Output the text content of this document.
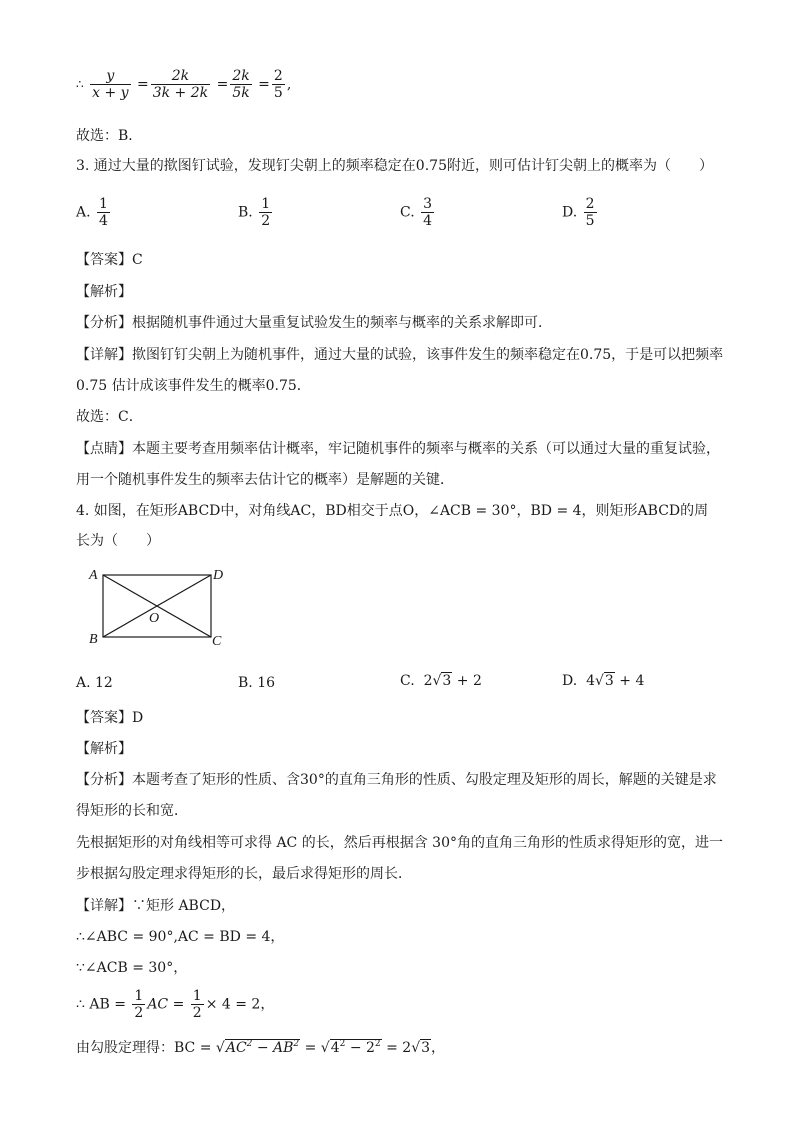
∴ $\frac{y}{x + y} = \frac{2k}{3k + 2k} = \frac{2k}{5k} = \frac{2}{5}$ ,
故选：B．
3. 通过大量的揿图钉试验，发现钉尖朝上的频率稳定在0.75附近，则可估计钉尖朝上的概率为（　　）
A. $\frac{1}{4}$	B. $\frac{1}{2}$	C. $\frac{3}{4}$	D. $\frac{2}{5}$
【答案】C
【解析】
【分析】根据随机事件通过大量重复试验发生的频率与概率的关系求解即可．
【详解】揿图钉钉尖朝上为随机事件，通过大量的试验，该事件发生的频率稳定在0.75，于是可以把频率
0.75 估计成该事件发生的概率0.75．
故选：C．
【点睛】本题主要考查用频率估计概率，牢记随机事件的频率与概率的关系（可以通过大量的重复试验，
用一个随机事件发生的频率去估计它的概率）是解题的关键．
4. 如图，在矩形ABCD中，对角线AC，BD相交于点O，∠ACB = 30°，BD = 4，则矩形ABCD的周
长为（　　）
A	D
B	C
O
A. 12	B. 16	C.  2√3 + 2	D.  4√3 + 4
【答案】D
【解析】
【分析】本题考查了矩形的性质、含30°的直角三角形的性质、勾股定理及矩形的周长，解题的关键是求
得矩形的长和宽．
先根据矩形的对角线相等可求得 AC 的长，然后再根据含 30°角的直角三角形的性质求得矩形的宽，进一
步根据勾股定理求得矩形的长，最后求得矩形的周长．
【详解】∵矩形 ABCD，
∴∠ABC = 90°,AC = BD = 4，
∵∠ACB = 30°，
∴ AB = $\frac{1}{2}$ AC = $\frac{1}{2} \times 4 = 2$，
由勾股定理得：BC = $√AC^2 - AB^2 = √4^2 - 2^2 = 2√3$，
